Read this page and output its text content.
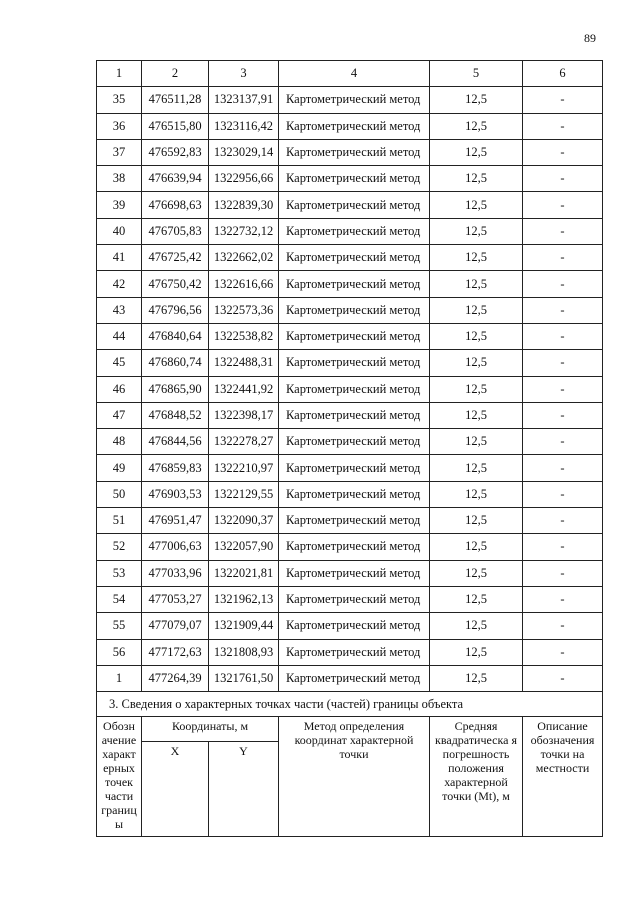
89
1	2	3	4	5	6
35	476511,28	1323137,91	Картометрический метод	12,5	-
36	476515,80	1323116,42	Картометрический метод	12,5	-
37	476592,83	1323029,14	Картометрический метод	12,5	-
38	476639,94	1322956,66	Картометрический метод	12,5	-
39	476698,63	1322839,30	Картометрический метод	12,5	-
40	476705,83	1322732,12	Картометрический метод	12,5	-
41	476725,42	1322662,02	Картометрический метод	12,5	-
42	476750,42	1322616,66	Картометрический метод	12,5	-
43	476796,56	1322573,36	Картометрический метод	12,5	-
44	476840,64	1322538,82	Картометрический метод	12,5	-
45	476860,74	1322488,31	Картометрический метод	12,5	-
46	476865,90	1322441,92	Картометрический метод	12,5	-
47	476848,52	1322398,17	Картометрический метод	12,5	-
48	476844,56	1322278,27	Картометрический метод	12,5	-
49	476859,83	1322210,97	Картометрический метод	12,5	-
50	476903,53	1322129,55	Картометрический метод	12,5	-
51	476951,47	1322090,37	Картометрический метод	12,5	-
52	477006,63	1322057,90	Картометрический метод	12,5	-
53	477033,96	1322021,81	Картометрический метод	12,5	-
54	477053,27	1321962,13	Картометрический метод	12,5	-
55	477079,07	1321909,44	Картометрический метод	12,5	-
56	477172,63	1321808,93	Картометрический метод	12,5	-
1	477264,39	1321761,50	Картометрический метод	12,5	-
3. Сведения о характерных точках части (частей) границы объекта					
Обозн ачение характ ерных точек части границ ы	Координаты, м		Метод определения координат характерной точки	Средняя квадратическа я погрешность положения характерной точки (Mt), м	Описание обозначения точки на местности
	X	Y			
